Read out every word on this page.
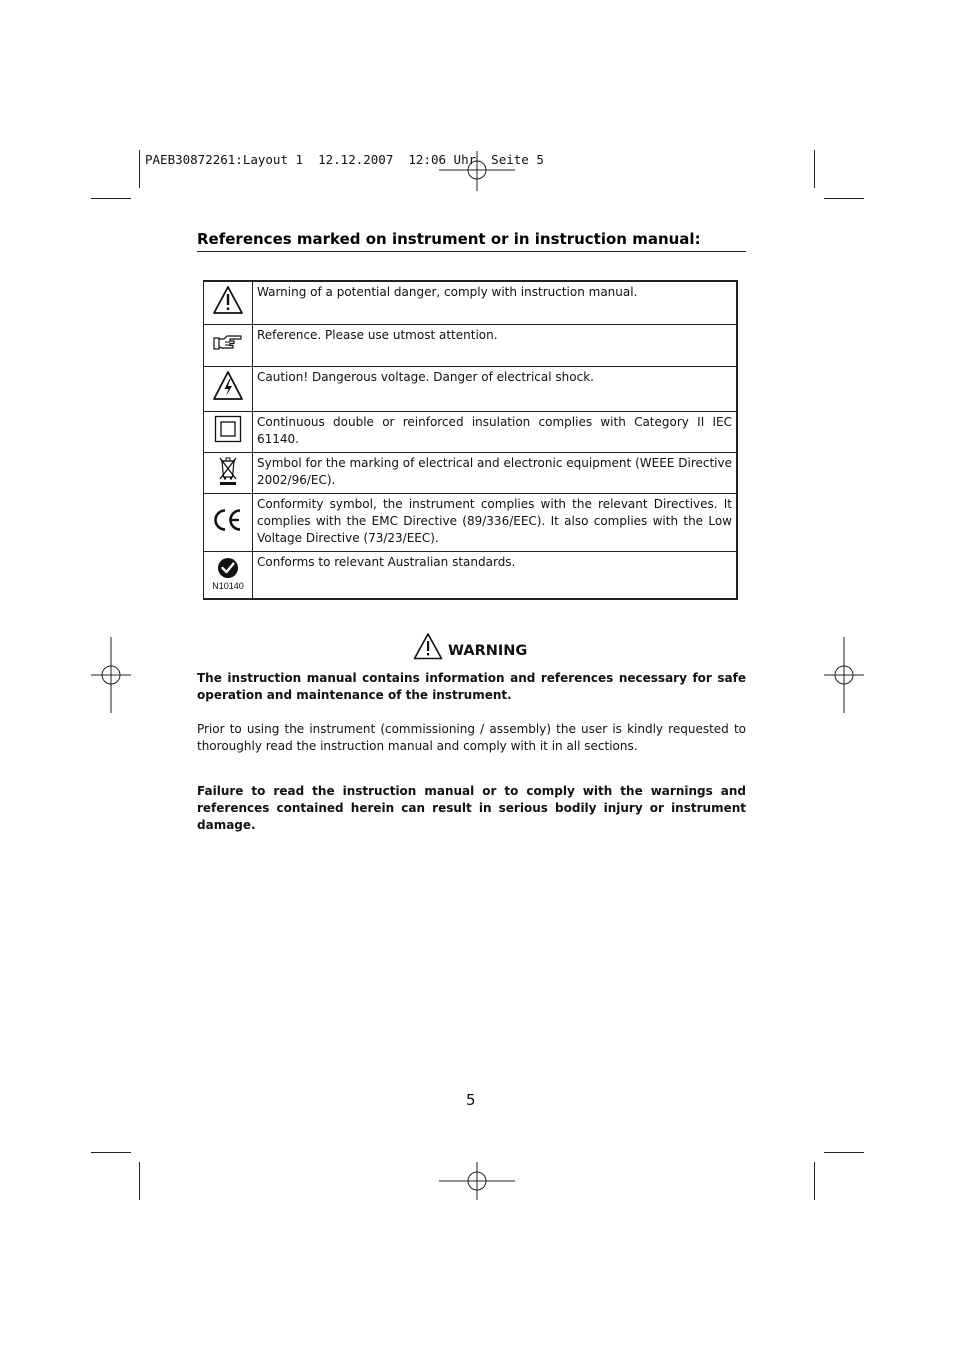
PAEB30872261:Layout 1  12.12.2007  12:06 Uhr  Seite 5
References marked on instrument or in instruction manual:
	Warning of a potential danger, comply with instruction manual.
	Reference. Please use utmost attention.
	Caution! Dangerous voltage. Danger of electrical shock.
	Continuous double or reinforced insulation complies with Category II IEC 61140.
	Symbol for the marking of electrical and electronic equipment (WEEE Directive 2002/96/EC).
	Conformity symbol, the instrument complies with the relevant Directives. It complies with the EMC Directive (89/336/EEC). It also complies with the Low Voltage Directive (73/23/EEC).

N10140	Conforms to relevant Australian standards.
WARNING
The instruction manual contains information and references necessary for safe operation and maintenance of the instrument.
Prior to using the instrument (commissioning / assembly) the user is kindly requested to thoroughly read the instruction manual and comply with it in all sections.
Failure to read the instruction manual or to comply with the warnings and references contained herein can result in serious bodily injury or instrument damage.
5
